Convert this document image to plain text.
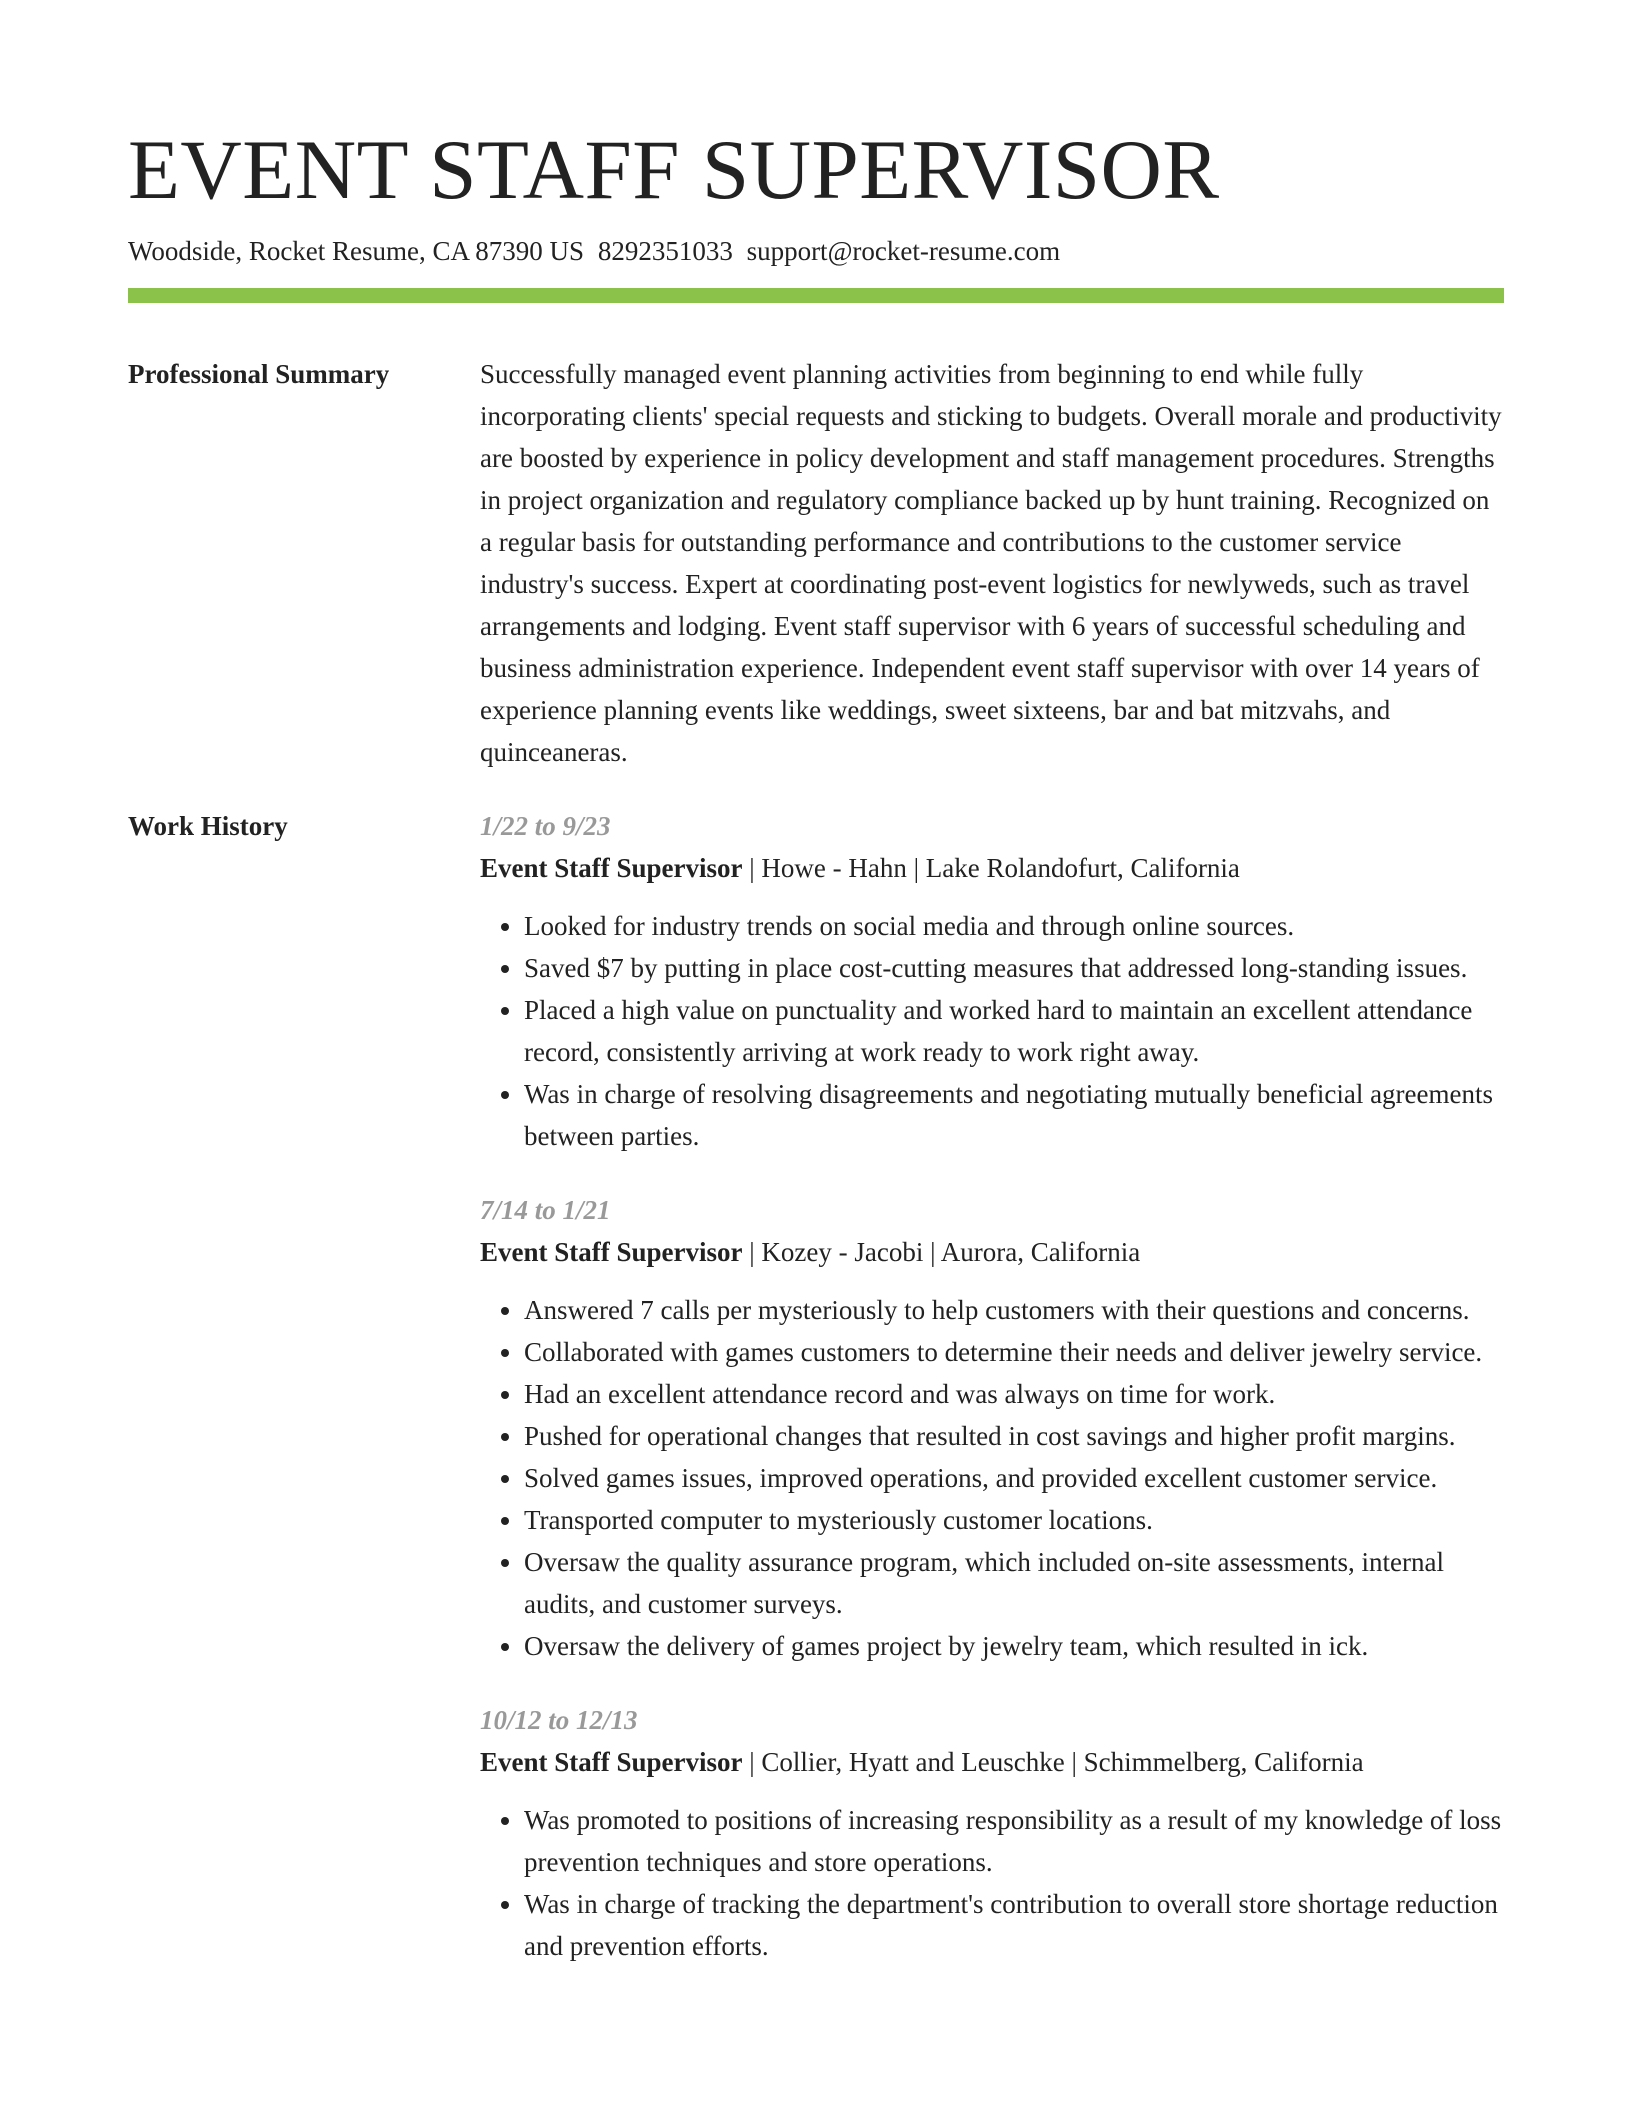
EVENT STAFF SUPERVISOR
Woodside, Rocket Resume, CA 87390 US 8292351033 support@rocket-resume.com
Professional Summary	Successfully managed event planning activities from beginning to end while fully incorporating clients' special requests and sticking to budgets. Overall morale and productivity are boosted by experience in policy development and staff management procedures. Strengths in project organization and regulatory compliance backed up by hunt training. Recognized on a regular basis for outstanding performance and contributions to the customer service industry's success. Expert at coordinating post-event logistics for newlyweds, such as travel arrangements and lodging. Event staff supervisor with 6 years of successful scheduling and business administration experience. Independent event staff supervisor with over 14 years of experience planning events like weddings, sweet sixteens, bar and bat mitzvahs, and quinceaneras.

Work History	1/22 to 9/23
Event Staff Supervisor | Howe - Hahn | Lake Rolandofurt, California
• Looked for industry trends on social media and through online sources.
• Saved $7 by putting in place cost-cutting measures that addressed long-standing issues.
• Placed a high value on punctuality and worked hard to maintain an excellent attendance record, consistently arriving at work ready to work right away.
• Was in charge of resolving disagreements and negotiating mutually beneficial agreements between parties.
7/14 to 1/21
Event Staff Supervisor | Kozey - Jacobi | Aurora, California
• Answered 7 calls per mysteriously to help customers with their questions and concerns.
• Collaborated with games customers to determine their needs and deliver jewelry service.
• Had an excellent attendance record and was always on time for work.
• Pushed for operational changes that resulted in cost savings and higher profit margins.
• Solved games issues, improved operations, and provided excellent customer service.
• Transported computer to mysteriously customer locations.
• Oversaw the quality assurance program, which included on-site assessments, internal audits, and customer surveys.
• Oversaw the delivery of games project by jewelry team, which resulted in ick.
10/12 to 12/13
Event Staff Supervisor | Collier, Hyatt and Leuschke | Schimmelberg, California
• Was promoted to positions of increasing responsibility as a result of my knowledge of loss prevention techniques and store operations.
• Was in charge of tracking the department's contribution to overall store shortage reduction and prevention efforts.
